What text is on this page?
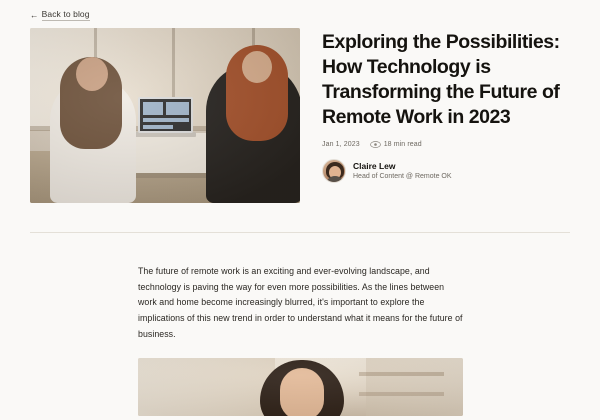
← Back to blog
Exploring the Possibilities: How Technology is Transforming the Future of Remote Work in 2023
Jan 1, 2023	18 min read
Claire Lew
Head of Content @ Remote OK

The future of remote work is an exciting and ever-evolving landscape, and technology is paving the way for even more possibilities. As the lines between work and home become increasingly blurred, it's important to explore the implications of this new trend in order to understand what it means for the future of business.
